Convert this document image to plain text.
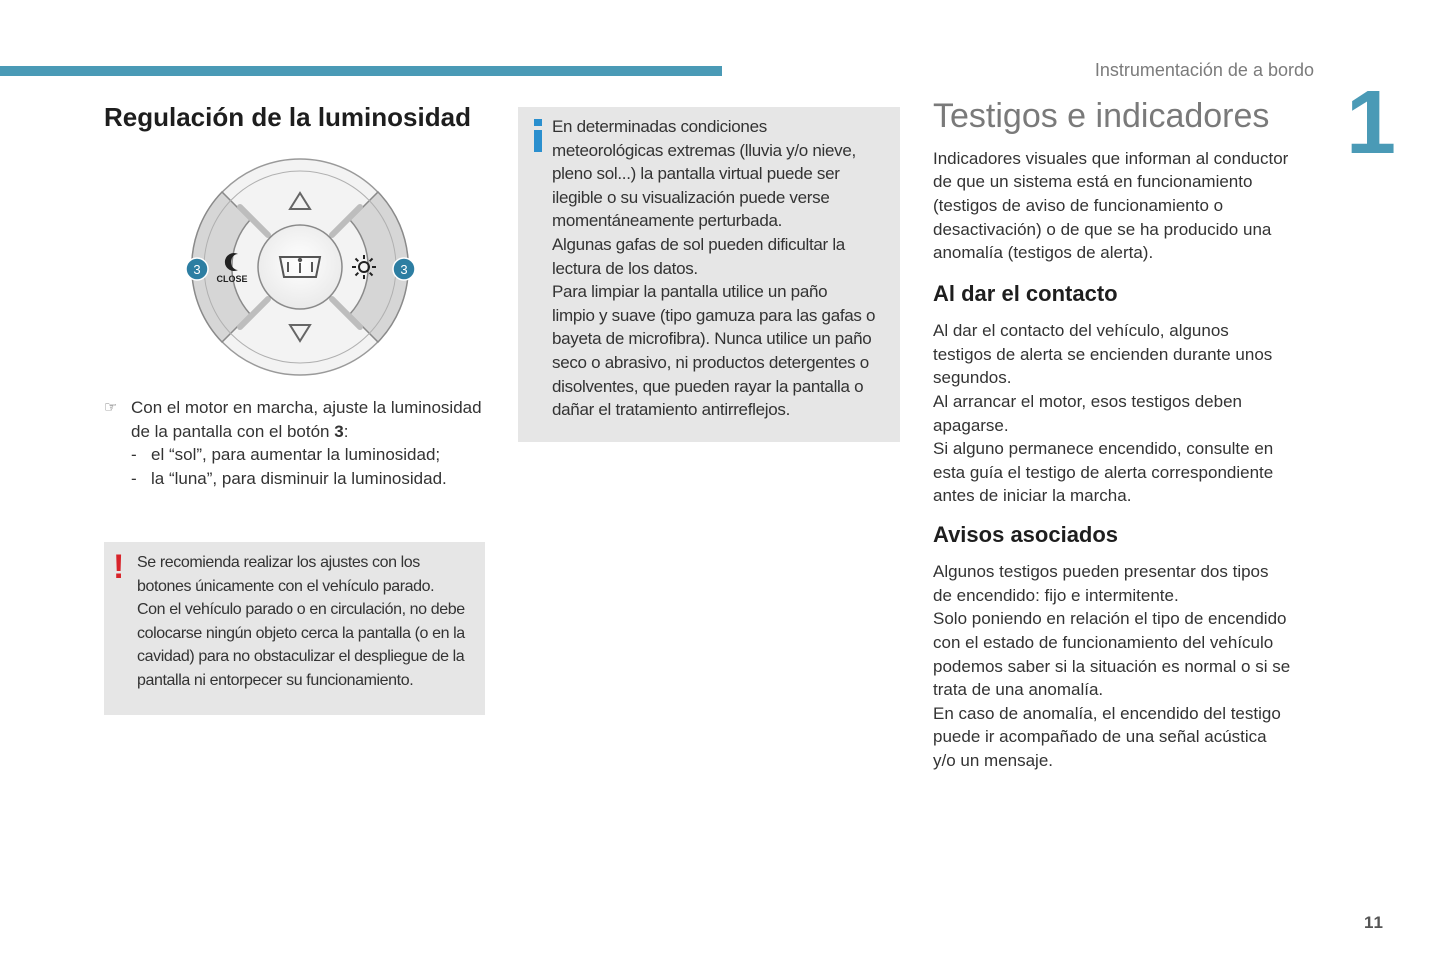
Instrumentación de a bordo
1
Regulación de la luminosidad
CLOSE
3	3
☞ Con el motor en marcha, ajuste la luminosidad de la pantalla con el botón 3:
- el “sol”, para aumentar la luminosidad;
- la “luna”, para disminuir la luminosidad.
! Se recomienda realizar los ajustes con los
botones únicamente con el vehículo parado.
Con el vehículo parado o en circulación, no debe
colocarse ningún objeto cerca la pantalla (o en la
cavidad) para no obstaculizar el despliegue de la
pantalla ni entorpecer su funcionamiento.
En determinadas condiciones
meteorológicas extremas (lluvia y/o nieve,
pleno sol...) la pantalla virtual puede ser
ilegible o su visualización puede verse
momentáneamente perturbada.
Algunas gafas de sol pueden dificultar la
lectura de los datos.
Para limpiar la pantalla utilice un paño
limpio y suave (tipo gamuza para las gafas o
bayeta de microfibra). Nunca utilice un paño
seco o abrasivo, ni productos detergentes o
disolventes, que pueden rayar la pantalla o
dañar el tratamiento antirreflejos.
Testigos e indicadores

Indicadores visuales que informan al conductor
de que un sistema está en funcionamiento
(testigos de aviso de funcionamiento o
desactivación) o de que se ha producido una
anomalía (testigos de alerta).

Al dar el contacto

Al dar el contacto del vehículo, algunos
testigos de alerta se encienden durante unos
segundos.
Al arrancar el motor, esos testigos deben
apagarse.
Si alguno permanece encendido, consulte en
esta guía el testigo de alerta correspondiente
antes de iniciar la marcha.

Avisos asociados

Algunos testigos pueden presentar dos tipos
de encendido: fijo e intermitente.
Solo poniendo en relación el tipo de encendido
con el estado de funcionamiento del vehículo
podemos saber si la situación es normal o si se
trata de una anomalía.
En caso de anomalía, el encendido del testigo
puede ir acompañado de una señal acústica
y/o un mensaje.

11
